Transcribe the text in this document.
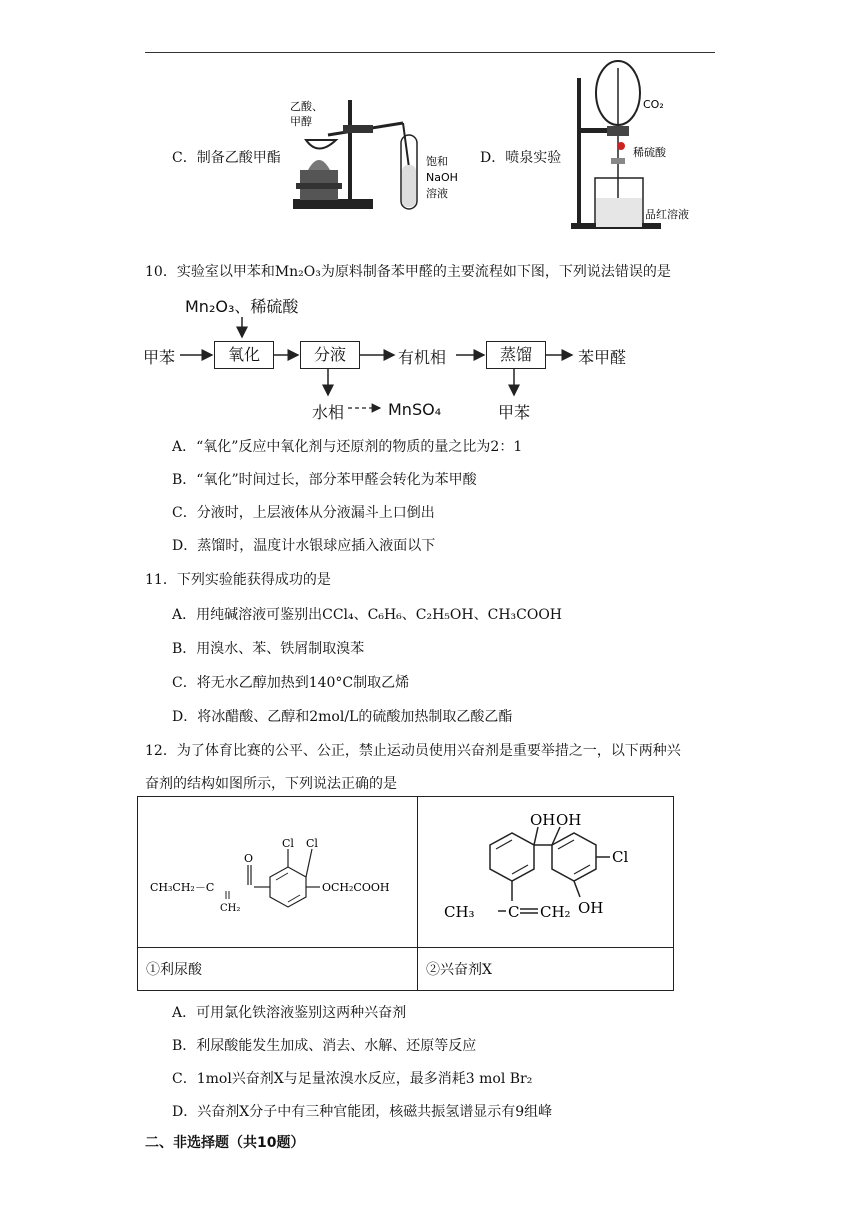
C．制备乙酸甲酯
乙酸、
甲醇
饱和
NaOH
溶液
D．喷泉实验
CO₂
稀硫酸
品红溶液
10．实验室以甲苯和Mn₂O₃为原料制备苯甲醛的主要流程如下图，下列说法错误的是
Mn₂O₃、稀硫酸
甲苯	氧化	分液	有机相	蒸馏	苯甲醛
水相	MnSO₄	甲苯
A．“氧化”反应中氧化剂与还原剂的物质的量之比为2：1
B．“氧化”时间过长，部分苯甲醛会转化为苯甲酸
C．分液时，上层液体从分液漏斗上口倒出
D．蒸馏时，温度计水银球应插入液面以下
11．下列实验能获得成功的是
A．用纯碱溶液可鉴别出CCl₄、C₆H₆、C₂H₅OH、CH₃COOH
B．用溴水、苯、铁屑制取溴苯
C．将无水乙醇加热到140°C制取乙烯
D．将冰醋酸、乙醇和2mol/L的硫酸加热制取乙酸乙酯
12．为了体育比赛的公平、公正，禁止运动员使用兴奋剂是重要举措之一，以下两种兴
奋剂的结构如图所示，下列说法正确的是
O
Cl Cl
CH₃CH₂－C
CH₂
OCH₂COOH
OH OH
Cl
OH
CH₃ C CH₂
①利尿酸	②兴奋剂X
A．可用氯化铁溶液鉴别这两种兴奋剂
B．利尿酸能发生加成、消去、水解、还原等反应
C．1mol兴奋剂X与足量浓溴水反应，最多消耗3 mol Br₂
D．兴奋剂X分子中有三种官能团，核磁共振氢谱显示有9组峰
二、非选择题（共10题）
